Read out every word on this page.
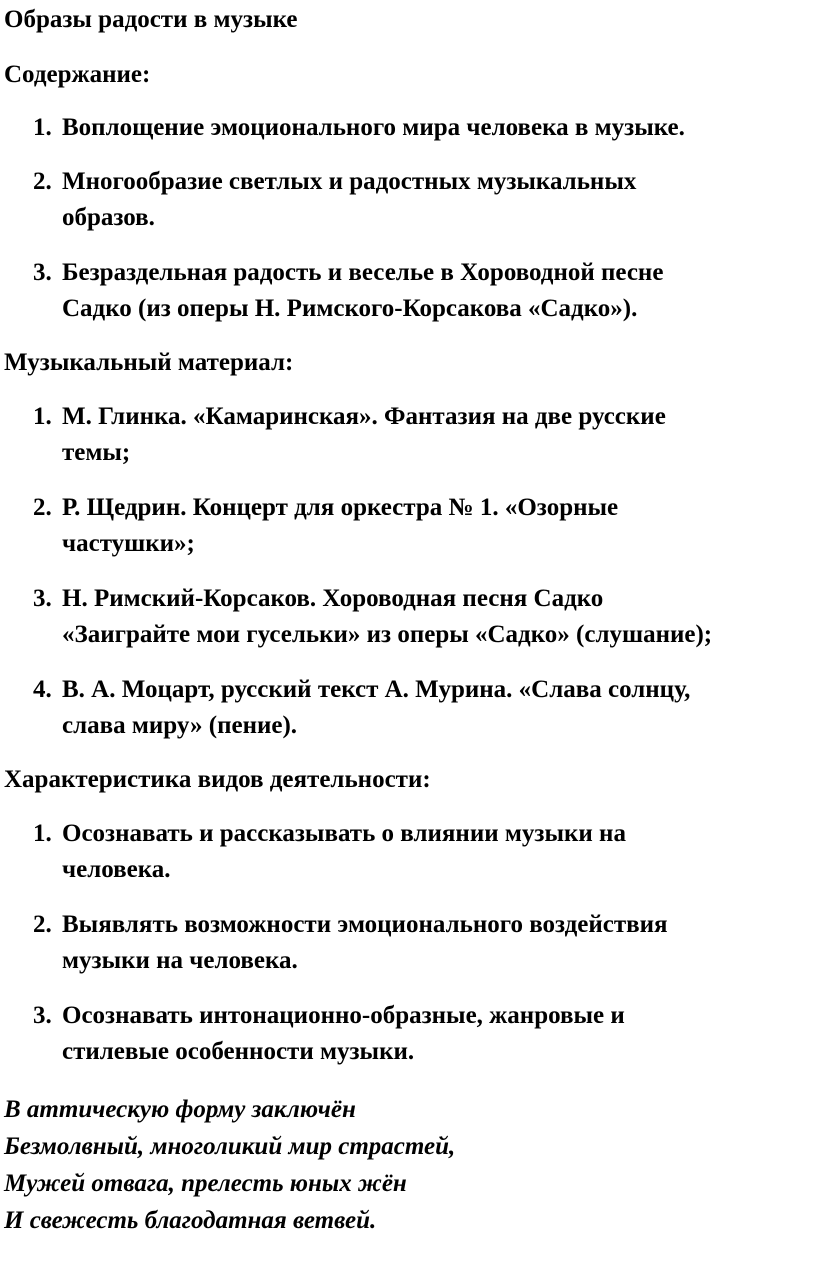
Образы радости в музыке
Содержание:
1. Воплощение эмоционального мира человека в музыке.
2. Многообразие светлых и радостных музыкальных
образов.
3. Безраздельная радость и веселье в Хороводной песне
Садко (из оперы Н. Римского-Корсакова «Садко»).
Музыкальный материал:
1. М. Глинка. «Камаринская». Фантазия на две русские
темы;
2. Р. Щедрин. Концерт для оркестра № 1. «Озорные
частушки»;
3. Н. Римский-Корсаков. Хороводная песня Садко
«Заиграйте мои гусельки» из оперы «Садко» (слушание);
4. В. А. Моцарт, русский текст А. Мурина. «Слава солнцу,
слава миру» (пение).
Характеристика видов деятельности:
1. Осознавать и рассказывать о влиянии музыки на
человека.
2. Выявлять возможности эмоционального воздействия
музыки на человека.
3. Осознавать интонационно-образные, жанровые и
стилевые особенности музыки.
В аттическую форму заключён
Безмолвный, многоликий мир страстей,
Мужей отвага, прелесть юных жён
И свежесть благодатная ветвей.
